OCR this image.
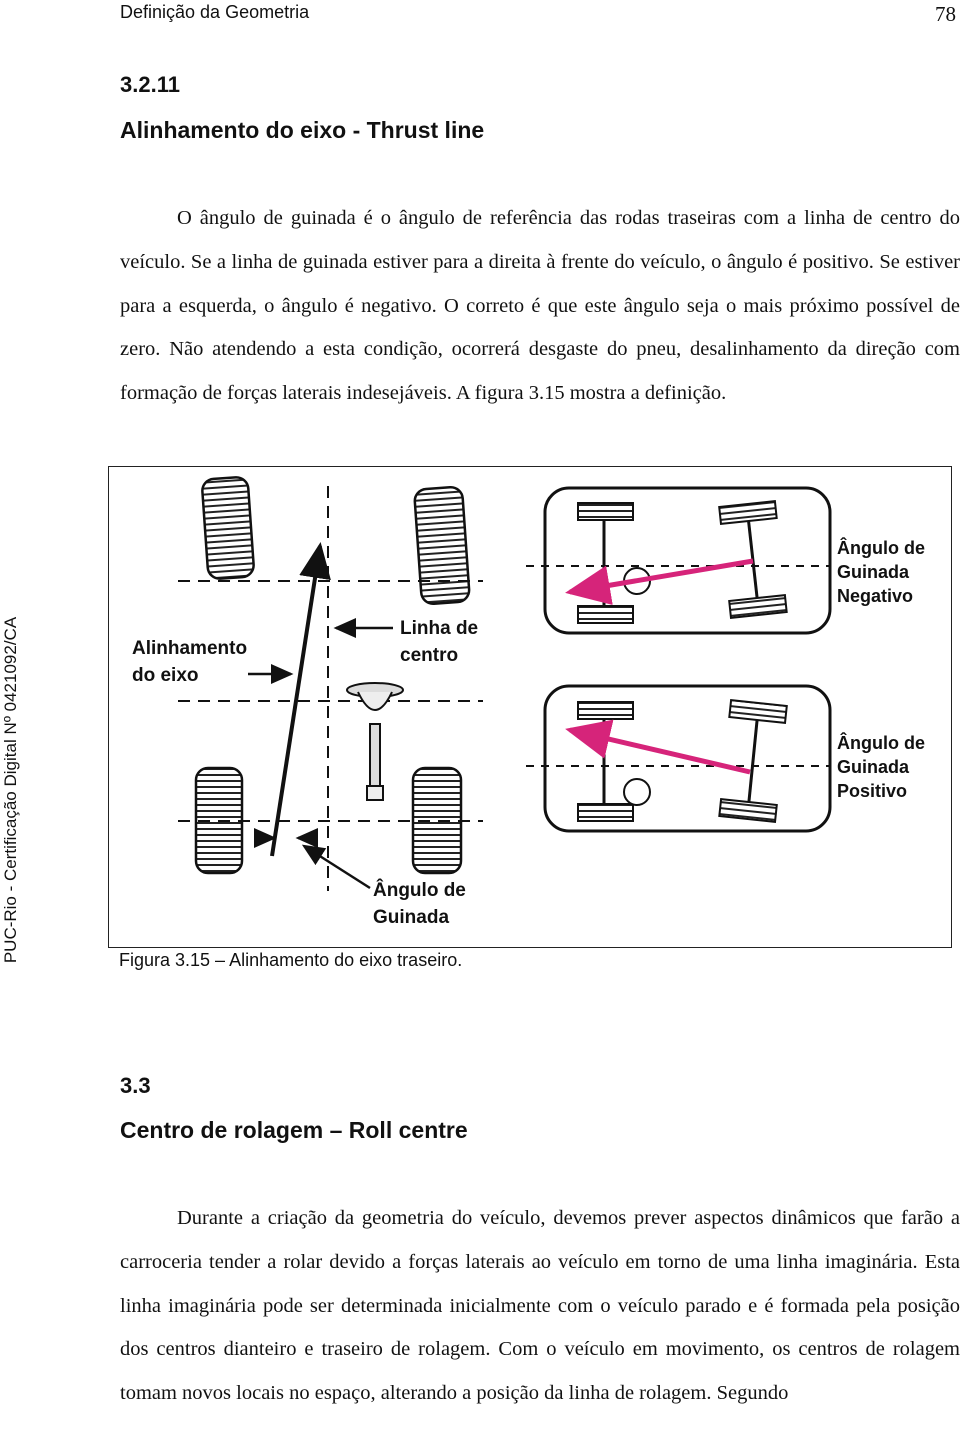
Definição da Geometria	78
3.2.11
Alinhamento do eixo - Thrust line

O ângulo de guinada é o ângulo de referência das rodas traseiras com a linha de centro do veículo. Se a linha de guinada estiver para a direita à frente do veículo, o ângulo é positivo. Se estiver para a esquerda, o ângulo é negativo. O correto é que este ângulo seja o mais próximo possível de zero. Não atendendo a esta condição, ocorrerá desgaste do pneu, desalinhamento da direção com formação de forças laterais indesejáveis. A figura 3.15 mostra a definição.

PUC-Rio - Certificação Digital Nº 0421092/CA	Alinhamento
do eixo
Linha de
centro
Ângulo de
Guinada
Ângulo de
Guinada
Negativo
Ângulo de
Guinada
Positivo
Figura 3.15 – Alinhamento do eixo traseiro.
3.3
Centro de rolagem – Roll centre

Durante a criação da geometria do veículo, devemos prever aspectos dinâmicos que farão a carroceria tender a rolar devido a forças laterais ao veículo em torno de uma linha imaginária. Esta linha imaginária pode ser determinada inicialmente com o veículo parado e é formada pela posição dos centros dianteiro e traseiro de rolagem. Com o veículo em movimento, os centros de rolagem tomam novos locais no espaço, alterando a posição da linha de rolagem. Segundo
